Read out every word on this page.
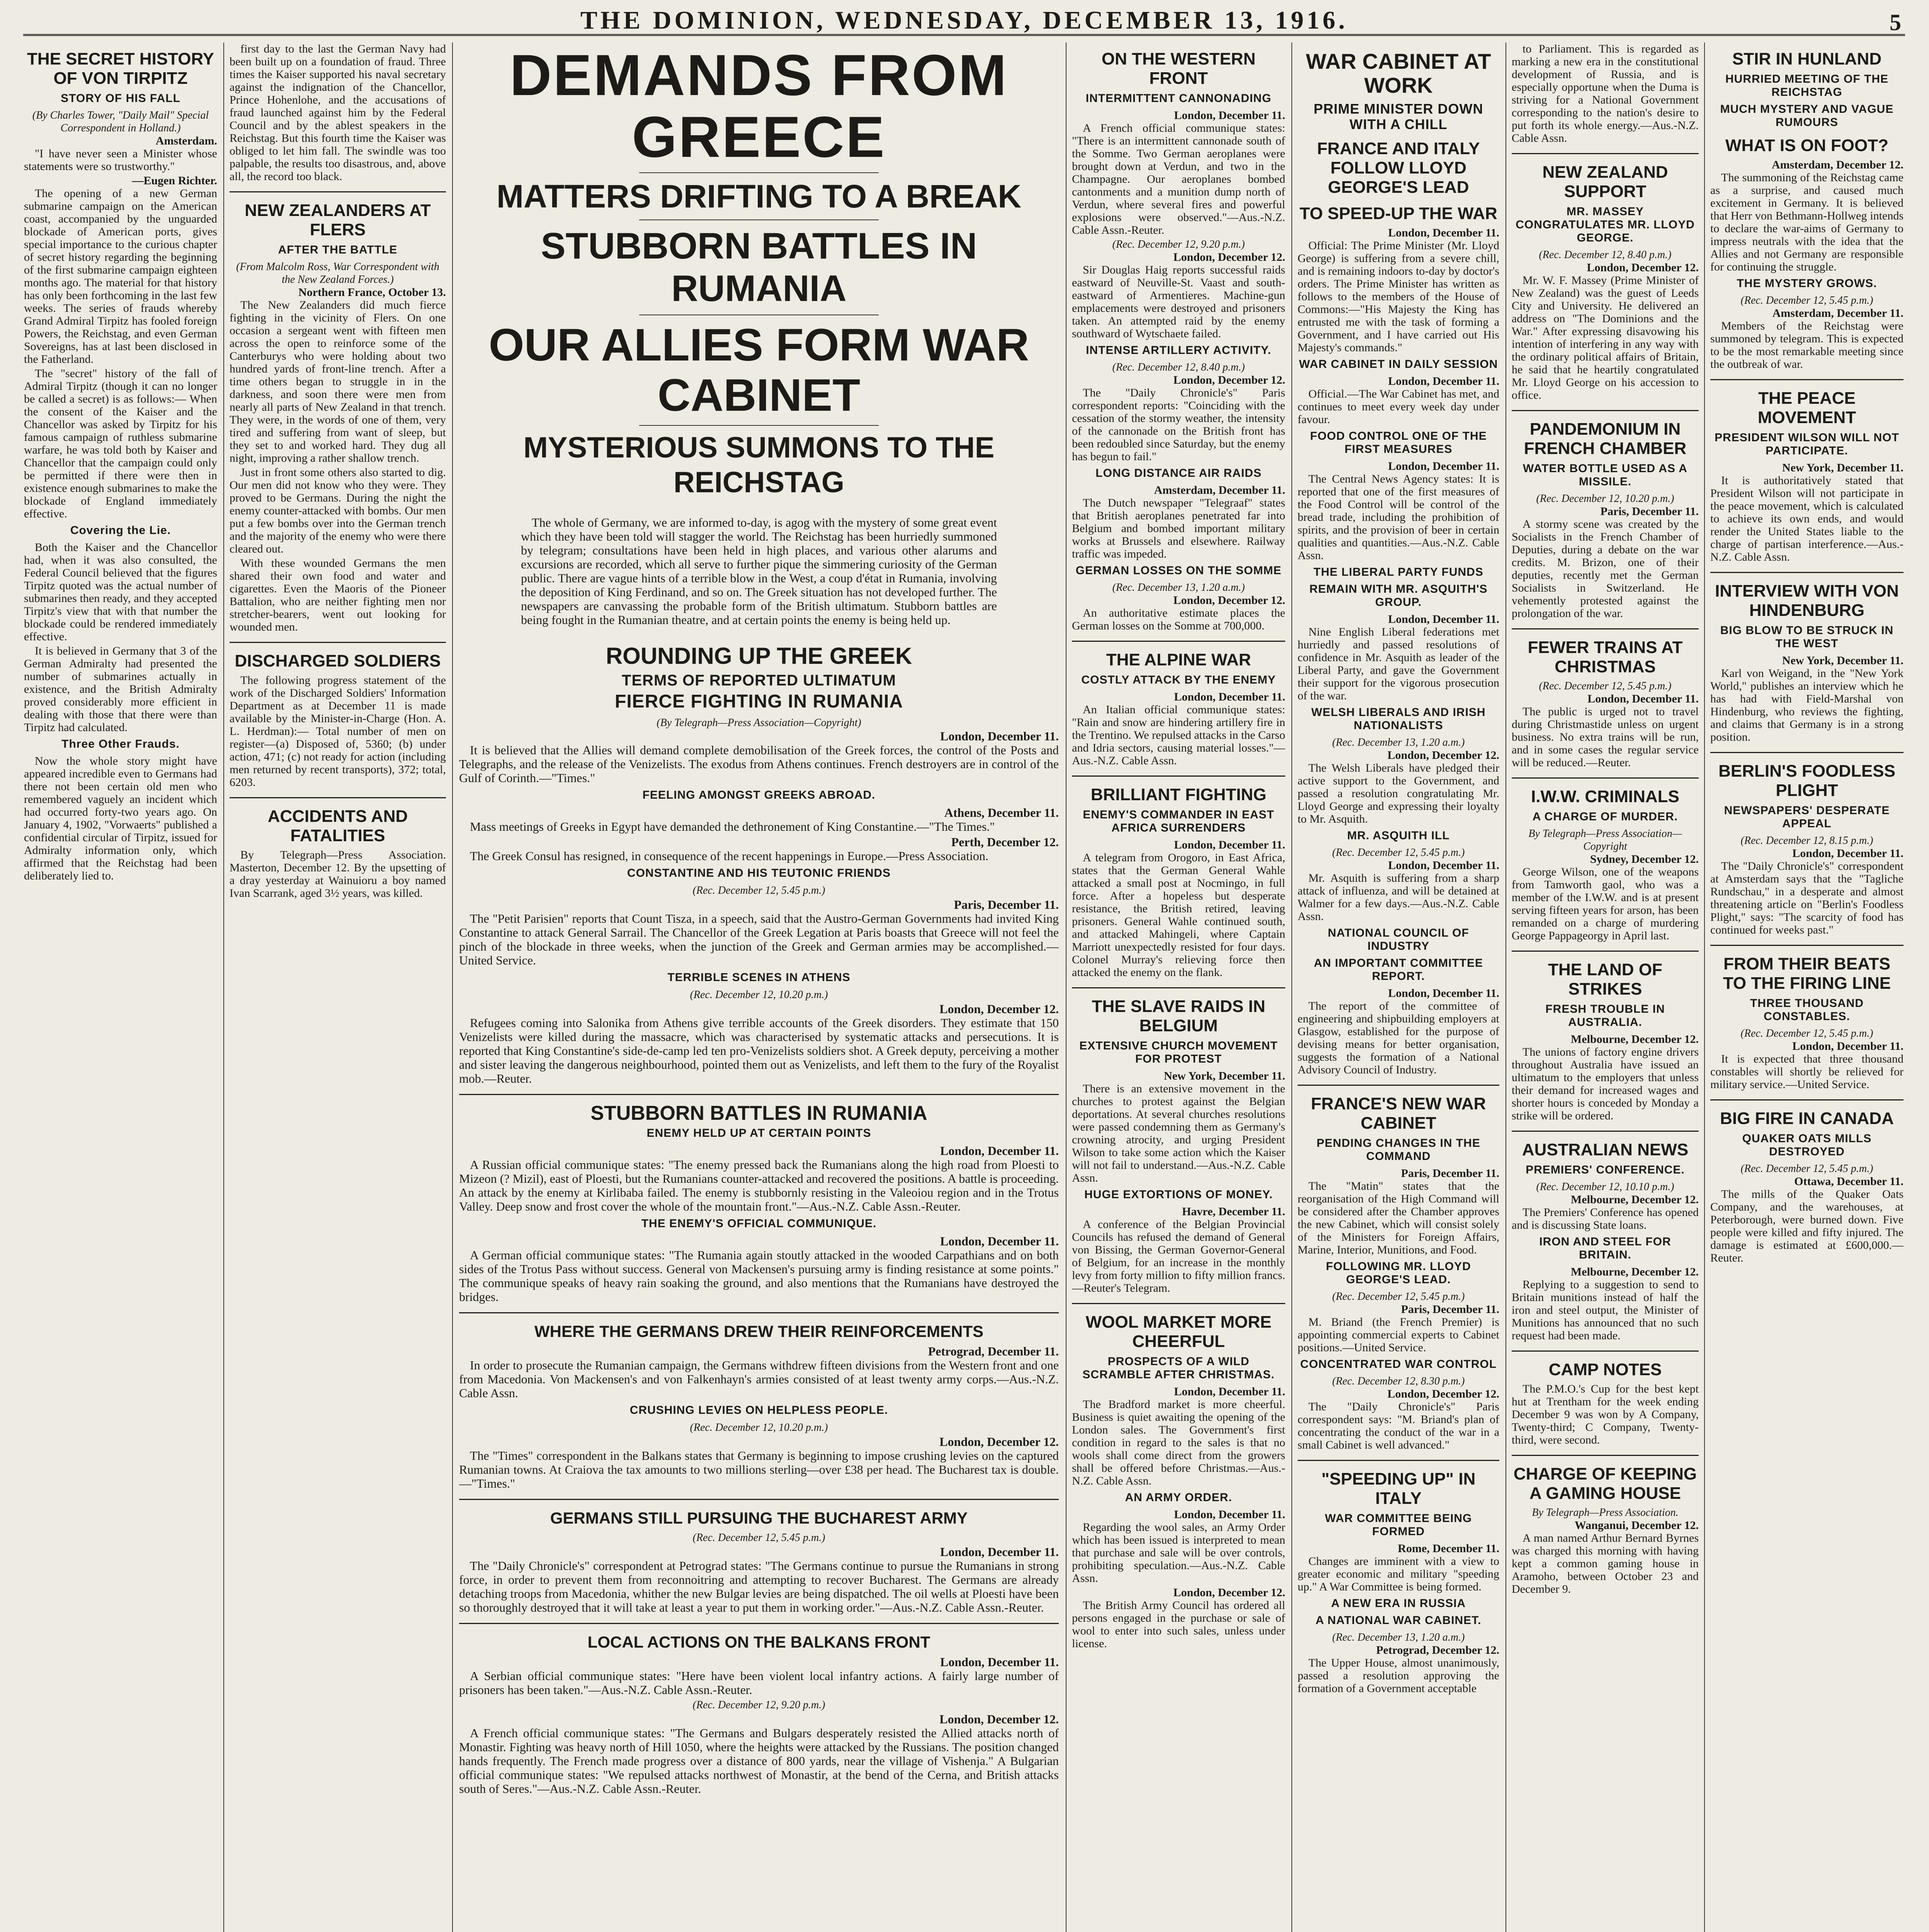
THE DOMINION, WEDNESDAY, DECEMBER 13, 1916.	5
THE SECRET HISTORY OF VON TIRPITZ
STORY OF HIS FALL
(By Charles Tower, "Daily Mail" Special Correspondent in Holland.)
Amsterdam.

"I have never seen a Minister whose statements were so trustworthy."

—Eugen Richter.

The opening of a new German submarine campaign on the American coast, accompanied by the unguarded blockade of American ports, gives special importance to the curious chapter of secret history regarding the beginning of the first submarine campaign eighteen months ago. The material for that history has only been forthcoming in the last few weeks. The series of frauds whereby Grand Admiral Tirpitz has fooled foreign Powers, the Reichstag, and even German Sovereigns, has at last been disclosed in the Fatherland.

The "secret" history of the fall of Admiral Tirpitz (though it can no longer be called a secret) is as follows:— When the consent of the Kaiser and the Chancellor was asked by Tirpitz for his famous campaign of ruthless submarine warfare, he was told both by Kaiser and Chancellor that the campaign could only be permitted if there were then in existence enough submarines to make the blockade of England immediately effective.

Covering the Lie.

Both the Kaiser and the Chancellor had, when it was also consulted, the Federal Council believed that the figures Tirpitz quoted was the actual number of submarines then ready, and they accepted Tirpitz's view that with that number the blockade could be rendered immediately effective.

It is believed in Germany that 3 of the German Admiralty had presented the number of submarines actually in existence, and the British Admiralty proved considerably more efficient in dealing with those that there were than Tirpitz had calculated.

Three Other Frauds.

Now the whole story might have appeared incredible even to Germans had there not been certain old men who remembered vaguely an incident which had occurred forty-two years ago. On January 4, 1902, "Vorwaerts" published a confidential circular of Tirpitz, issued for Admiralty information only, which affirmed that the Reichstag had been deliberately lied to.

first day to the last the German Navy had been built up on a foundation of fraud. Three times the Kaiser supported his naval secretary against the indignation of the Chancellor, Prince Hohenlohe, and the accusations of fraud launched against him by the Federal Council and by the ablest speakers in the Reichstag. But this fourth time the Kaiser was obliged to let him fall. The swindle was too palpable, the results too disastrous, and, above all, the record too black.

NEW ZEALANDERS AT FLERS
AFTER THE BATTLE
(From Malcolm Ross, War Correspondent with the New Zealand Forces.)
Northern France, October 13.

The New Zealanders did much fierce fighting in the vicinity of Flers. On one occasion a sergeant went with fifteen men across the open to reinforce some of the Canterburys who were holding about two hundred yards of front-line trench. After a time others began to struggle in in the darkness, and soon there were men from nearly all parts of New Zealand in that trench. They were, in the words of one of them, very tired and suffering from want of sleep, but they set to and worked hard. They dug all night, improving a rather shallow trench.

Just in front some others also started to dig. Our men did not know who they were. They proved to be Germans. During the night the enemy counter-attacked with bombs. Our men put a few bombs over into the German trench and the majority of the enemy who were there cleared out.

With these wounded Germans the men shared their own food and water and cigarettes. Even the Maoris of the Pioneer Battalion, who are neither fighting men nor stretcher-bearers, went out looking for wounded men.

DISCHARGED SOLDIERS

The following progress statement of the work of the Discharged Soldiers' Information Department as at December 11 is made available by the Minister-in-Charge (Hon. A. L. Herdman):— Total number of men on register—(a) Disposed of, 5360; (b) under action, 471; (c) not ready for action (including men returned by recent transports), 372; total, 6203.

ACCIDENTS AND FATALITIES

By Telegraph—Press Association. Masterton, December 12. By the upsetting of a dray yesterday at Wainuioru a boy named Ivan Scarrank, aged 3½ years, was killed.

DEMANDS FROM GREECE
MATTERS DRIFTING TO A BREAK
STUBBORN BATTLES IN RUMANIA
OUR ALLIES FORM WAR CABINET
MYSTERIOUS SUMMONS TO THE REICHSTAG

The whole of Germany, we are informed to-day, is agog with the mystery of some great event which they have been told will stagger the world. The Reichstag has been hurriedly summoned by telegram; consultations have been held in high places, and various other alarums and excursions are recorded, which all serve to further pique the simmering curiosity of the German public. There are vague hints of a terrible blow in the West, a coup d'état in Rumania, involving the deposition of King Ferdinand, and so on. The Greek situation has not developed further. The newspapers are canvassing the probable form of the British ultimatum. Stubborn battles are being fought in the Rumanian theatre, and at certain points the enemy is being held up.

ROUNDING UP THE GREEK
TERMS OF REPORTED ULTIMATUM
FIERCE FIGHTING IN RUMANIA
(By Telegraph—Press Association—Copyright)
London, December 11.

It is believed that the Allies will demand complete demobilisation of the Greek forces, the control of the Posts and Telegraphs, and the release of the Venizelists. The exodus from Athens continues. French destroyers are in control of the Gulf of Corinth.—"Times."

FEELING AMONGST GREEKS ABROAD.
Athens, December 11.

Mass meetings of Greeks in Egypt have demanded the dethronement of King Constantine.—"The Times."

Perth, December 12.

The Greek Consul has resigned, in consequence of the recent happenings in Europe.—Press Association.

CONSTANTINE AND HIS TEUTONIC FRIENDS
(Rec. December 12, 5.45 p.m.)
Paris, December 11.

The "Petit Parisien" reports that Count Tisza, in a speech, said that the Austro-German Governments had invited King Constantine to attack General Sarrail. The Chancellor of the Greek Legation at Paris boasts that Greece will not feel the pinch of the blockade in three weeks, when the junction of the Greek and German armies may be accomplished.—United Service.

TERRIBLE SCENES IN ATHENS
(Rec. December 12, 10.20 p.m.)
London, December 12.

Refugees coming into Salonika from Athens give terrible accounts of the Greek disorders. They estimate that 150 Venizelists were killed during the massacre, which was characterised by systematic attacks and persecutions. It is reported that King Constantine's side-de-camp led ten pro-Venizelists soldiers shot. A Greek deputy, perceiving a mother and sister leaving the dangerous neighbourhood, pointed them out as Venizelists, and left them to the fury of the Royalist mob.—Reuter.

STUBBORN BATTLES IN RUMANIA
ENEMY HELD UP AT CERTAIN POINTS
London, December 11.

A Russian official communique states: "The enemy pressed back the Rumanians along the high road from Ploesti to Mizeon (? Mizil), east of Ploesti, but the Rumanians counter-attacked and recovered the positions. A battle is proceeding. An attack by the enemy at Kirlibaba failed. The enemy is stubbornly resisting in the Valeoiou region and in the Trotus Valley. Deep snow and frost cover the whole of the mountain front."—Aus.-N.Z. Cable Assn.-Reuter.

THE ENEMY'S OFFICIAL COMMUNIQUE.
London, December 11.

A German official communique states: "The Rumania again stoutly attacked in the wooded Carpathians and on both sides of the Trotus Pass without success. General von Mackensen's pursuing army is finding resistance at some points." The communique speaks of heavy rain soaking the ground, and also mentions that the Rumanians have destroyed the bridges.

WHERE THE GERMANS DREW THEIR REINFORCEMENTS
Petrograd, December 11.

In order to prosecute the Rumanian campaign, the Germans withdrew fifteen divisions from the Western front and one from Macedonia. Von Mackensen's and von Falkenhayn's armies consisted of at least twenty army corps.—Aus.-N.Z. Cable Assn.

CRUSHING LEVIES ON HELPLESS PEOPLE.
(Rec. December 12, 10.20 p.m.)
London, December 12.

The "Times" correspondent in the Balkans states that Germany is beginning to impose crushing levies on the captured Rumanian towns. At Craiova the tax amounts to two millions sterling—over £38 per head. The Bucharest tax is double.—"Times."

GERMANS STILL PURSUING THE BUCHAREST ARMY
(Rec. December 12, 5.45 p.m.)
London, December 11.

The "Daily Chronicle's" correspondent at Petrograd states: "The Germans continue to pursue the Rumanians in strong force, in order to prevent them from reconnoitring and attempting to recover Bucharest. The Germans are already detaching troops from Macedonia, whither the new Bulgar levies are being dispatched. The oil wells at Ploesti have been so thoroughly destroyed that it will take at least a year to put them in working order."—Aus.-N.Z. Cable Assn.-Reuter.

LOCAL ACTIONS ON THE BALKANS FRONT
London, December 11.

A Serbian official communique states: "Here have been violent local infantry actions. A fairly large number of prisoners has been taken."—Aus.-N.Z. Cable Assn.-Reuter.

(Rec. December 12, 9.20 p.m.)
London, December 12.

A French official communique states: "The Germans and Bulgars desperately resisted the Allied attacks north of Monastir. Fighting was heavy north of Hill 1050, where the heights were attacked by the Russians. The position changed hands frequently. The French made progress over a distance of 800 yards, near the village of Vishenja." A Bulgarian official communique states: "We repulsed attacks northwest of Monastir, at the bend of the Cerna, and British attacks south of Seres."—Aus.-N.Z. Cable Assn.-Reuter.

ON THE WESTERN FRONT
INTERMITTENT CANNONADING
London, December 11.

A French official communique states: "There is an intermittent cannonade south of the Somme. Two German aeroplanes were brought down at Verdun, and two in the Champagne. Our aeroplanes bombed cantonments and a munition dump north of Verdun, where several fires and powerful explosions were observed."—Aus.-N.Z. Cable Assn.-Reuter.

(Rec. December 12, 9.20 p.m.)
London, December 12.

Sir Douglas Haig reports successful raids eastward of Neuville-St. Vaast and south-eastward of Armentieres. Machine-gun emplacements were destroyed and prisoners taken. An attempted raid by the enemy southward of Wytschaete failed.

INTENSE ARTILLERY ACTIVITY.
(Rec. December 12, 8.40 p.m.)
London, December 12.

The "Daily Chronicle's" Paris correspondent reports: "Coinciding with the cessation of the stormy weather, the intensity of the cannonade on the British front has been redoubled since Saturday, but the enemy has begun to fail."

LONG DISTANCE AIR RAIDS
Amsterdam, December 11.

The Dutch newspaper "Telegraaf" states that British aeroplanes penetrated far into Belgium and bombed important military works at Brussels and elsewhere. Railway traffic was impeded.

GERMAN LOSSES ON THE SOMME
(Rec. December 13, 1.20 a.m.)
London, December 12.

An authoritative estimate places the German losses on the Somme at 700,000.

THE ALPINE WAR
COSTLY ATTACK BY THE ENEMY
London, December 11.

An Italian official communique states: "Rain and snow are hindering artillery fire in the Trentino. We repulsed attacks in the Carso and Idria sectors, causing material losses."—Aus.-N.Z. Cable Assn.

BRILLIANT FIGHTING
ENEMY'S COMMANDER IN EAST AFRICA SURRENDERS
London, December 11.

A telegram from Orogoro, in East Africa, states that the German General Wahle attacked a small post at Nocmingo, in full force. After a hopeless but desperate resistance, the British retired, leaving prisoners. General Wahle continued south, and attacked Mahingeli, where Captain Marriott unexpectedly resisted for four days. Colonel Murray's relieving force then attacked the enemy on the flank.

THE SLAVE RAIDS IN BELGIUM
EXTENSIVE CHURCH MOVEMENT FOR PROTEST
New York, December 11.

There is an extensive movement in the churches to protest against the Belgian deportations. At several churches resolutions were passed condemning them as Germany's crowning atrocity, and urging President Wilson to take some action which the Kaiser will not fail to understand.—Aus.-N.Z. Cable Assn.

HUGE EXTORTIONS OF MONEY.
Havre, December 11.

A conference of the Belgian Provincial Councils has refused the demand of General von Bissing, the German Governor-General of Belgium, for an increase in the monthly levy from forty million to fifty million francs.—Reuter's Telegram.

WOOL MARKET MORE CHEERFUL
PROSPECTS OF A WILD SCRAMBLE AFTER CHRISTMAS.
London, December 11.

The Bradford market is more cheerful. Business is quiet awaiting the opening of the London sales. The Government's first condition in regard to the sales is that no wools shall come direct from the growers shall be offered before Christmas.—Aus.-N.Z. Cable Assn.

AN ARMY ORDER.
London, December 11.

Regarding the wool sales, an Army Order which has been issued is interpreted to mean that purchase and sale will be over controls, prohibiting speculation.—Aus.-N.Z. Cable Assn.

London, December 12.

The British Army Council has ordered all persons engaged in the purchase or sale of wool to enter into such sales, unless under license.

WAR CABINET AT WORK
PRIME MINISTER DOWN WITH A CHILL
FRANCE AND ITALY FOLLOW LLOYD GEORGE'S LEAD
TO SPEED-UP THE WAR
London, December 11.

Official: The Prime Minister (Mr. Lloyd George) is suffering from a severe chill, and is remaining indoors to-day by doctor's orders. The Prime Minister has written as follows to the members of the House of Commons:—"His Majesty the King has entrusted me with the task of forming a Government, and I have carried out His Majesty's commands."

WAR CABINET IN DAILY SESSION
London, December 11.

Official.—The War Cabinet has met, and continues to meet every week day under favour.

FOOD CONTROL ONE OF THE FIRST MEASURES
London, December 11.

The Central News Agency states: It is reported that one of the first measures of the Food Control will be control of the bread trade, including the prohibition of spirits, and the provision of beer in certain qualities and quantities.—Aus.-N.Z. Cable Assn.

THE LIBERAL PARTY FUNDS
REMAIN WITH MR. ASQUITH'S GROUP.
London, December 11.

Nine English Liberal federations met hurriedly and passed resolutions of confidence in Mr. Asquith as leader of the Liberal Party, and gave the Government their support for the vigorous prosecution of the war.

WELSH LIBERALS AND IRISH NATIONALISTS
(Rec. December 13, 1.20 a.m.)
London, December 12.

The Welsh Liberals have pledged their active support to the Government, and passed a resolution congratulating Mr. Lloyd George and expressing their loyalty to Mr. Asquith.

MR. ASQUITH ILL
(Rec. December 12, 5.45 p.m.)
London, December 11.

Mr. Asquith is suffering from a sharp attack of influenza, and will be detained at Walmer for a few days.—Aus.-N.Z. Cable Assn.

NATIONAL COUNCIL OF INDUSTRY
AN IMPORTANT COMMITTEE REPORT.
London, December 11.

The report of the committee of engineering and shipbuilding employers at Glasgow, established for the purpose of devising means for better organisation, suggests the formation of a National Advisory Council of Industry.

FRANCE'S NEW WAR CABINET
PENDING CHANGES IN THE COMMAND
Paris, December 11.

The "Matin" states that the reorganisation of the High Command will be considered after the Chamber approves the new Cabinet, which will consist solely of the Ministers for Foreign Affairs, Marine, Interior, Munitions, and Food.

FOLLOWING MR. LLOYD GEORGE'S LEAD.
(Rec. December 12, 5.45 p.m.)
Paris, December 11.

M. Briand (the French Premier) is appointing commercial experts to Cabinet positions.—United Service.

CONCENTRATED WAR CONTROL
(Rec. December 12, 8.30 p.m.)
London, December 12.

The "Daily Chronicle's" Paris correspondent says: "M. Briand's plan of concentrating the conduct of the war in a small Cabinet is well advanced."

"SPEEDING UP" IN ITALY
WAR COMMITTEE BEING FORMED
Rome, December 11.

Changes are imminent with a view to greater economic and military "speeding up." A War Committee is being formed.

A NEW ERA IN RUSSIA
A NATIONAL WAR CABINET.
(Rec. December 13, 1.20 a.m.)
Petrograd, December 12.

The Upper House, almost unanimously, passed a resolution approving the formation of a Government acceptable

to Parliament. This is regarded as marking a new era in the constitutional development of Russia, and is especially opportune when the Duma is striving for a National Government corresponding to the nation's desire to put forth its whole energy.—Aus.-N.Z. Cable Assn.

NEW ZEALAND SUPPORT
MR. MASSEY CONGRATULATES MR. LLOYD GEORGE.
(Rec. December 12, 8.40 p.m.)
London, December 12.

Mr. W. F. Massey (Prime Minister of New Zealand) was the guest of Leeds City and University. He delivered an address on "The Dominions and the War." After expressing disavowing his intention of interfering in any way with the ordinary political affairs of Britain, he said that he heartily congratulated Mr. Lloyd George on his accession to office.

PANDEMONIUM IN FRENCH CHAMBER
WATER BOTTLE USED AS A MISSILE.
(Rec. December 12, 10.20 p.m.)
Paris, December 11.

A stormy scene was created by the Socialists in the French Chamber of Deputies, during a debate on the war credits. M. Brizon, one of their deputies, recently met the German Socialists in Switzerland. He vehemently protested against the prolongation of the war.

FEWER TRAINS AT CHRISTMAS
(Rec. December 12, 5.45 p.m.)
London, December 11.

The public is urged not to travel during Christmastide unless on urgent business. No extra trains will be run, and in some cases the regular service will be reduced.—Reuter.

I.W.W. CRIMINALS
A CHARGE OF MURDER.
By Telegraph—Press Association—Copyright
Sydney, December 12.

George Wilson, one of the weapons from Tamworth gaol, who was a member of the I.W.W. and is at present serving fifteen years for arson, has been remanded on a charge of murdering George Pappageorgy in April last.

THE LAND OF STRIKES
FRESH TROUBLE IN AUSTRALIA.
Melbourne, December 12.

The unions of factory engine drivers throughout Australia have issued an ultimatum to the employers that unless their demand for increased wages and shorter hours is conceded by Monday a strike will be ordered.

AUSTRALIAN NEWS
PREMIERS' CONFERENCE.
(Rec. December 12, 10.10 p.m.)
Melbourne, December 12.

The Premiers' Conference has opened and is discussing State loans.

IRON AND STEEL FOR BRITAIN.
Melbourne, December 12.

Replying to a suggestion to send to Britain munitions instead of half the iron and steel output, the Minister of Munitions has announced that no such request had been made.

CAMP NOTES

The P.M.O.'s Cup for the best kept hut at Trentham for the week ending December 9 was won by A Company, Twenty-third; C Company, Twenty-third, were second.

CHARGE OF KEEPING A GAMING HOUSE
By Telegraph—Press Association.
Wanganui, December 12.

A man named Arthur Bernard Byrnes was charged this morning with having kept a common gaming house in Aramoho, between October 23 and December 9.

STIR IN HUNLAND
HURRIED MEETING OF THE REICHSTAG
MUCH MYSTERY AND VAGUE RUMOURS
WHAT IS ON FOOT?
Amsterdam, December 12.

The summoning of the Reichstag came as a surprise, and caused much excitement in Germany. It is believed that Herr von Bethmann-Hollweg intends to declare the war-aims of Germany to impress neutrals with the idea that the Allies and not Germany are responsible for continuing the struggle.

THE MYSTERY GROWS.
(Rec. December 12, 5.45 p.m.)
Amsterdam, December 11.

Members of the Reichstag were summoned by telegram. This is expected to be the most remarkable meeting since the outbreak of war.

THE PEACE MOVEMENT
PRESIDENT WILSON WILL NOT PARTICIPATE.
New York, December 11.

It is authoritatively stated that President Wilson will not participate in the peace movement, which is calculated to achieve its own ends, and would render the United States liable to the charge of partisan interference.—Aus.-N.Z. Cable Assn.

INTERVIEW WITH VON HINDENBURG
BIG BLOW TO BE STRUCK IN THE WEST
New York, December 11.

Karl von Weigand, in the "New York World," publishes an interview which he has had with Field-Marshal von Hindenburg, who reviews the fighting, and claims that Germany is in a strong position.

BERLIN'S FOODLESS PLIGHT
NEWSPAPERS' DESPERATE APPEAL
(Rec. December 12, 8.15 p.m.)
London, December 11.

The "Daily Chronicle's" correspondent at Amsterdam says that the "Tagliche Rundschau," in a desperate and almost threatening article on "Berlin's Foodless Plight," says: "The scarcity of food has continued for weeks past."

FROM THEIR BEATS TO THE FIRING LINE
THREE THOUSAND CONSTABLES.
(Rec. December 12, 5.45 p.m.)
London, December 11.

It is expected that three thousand constables will shortly be relieved for military service.—United Service.

BIG FIRE IN CANADA
QUAKER OATS MILLS DESTROYED
(Rec. December 12, 5.45 p.m.)
Ottawa, December 11.

The mills of the Quaker Oats Company, and the warehouses, at Peterborough, were burned down. Five people were killed and fifty injured. The damage is estimated at £600,000.—Reuter.
